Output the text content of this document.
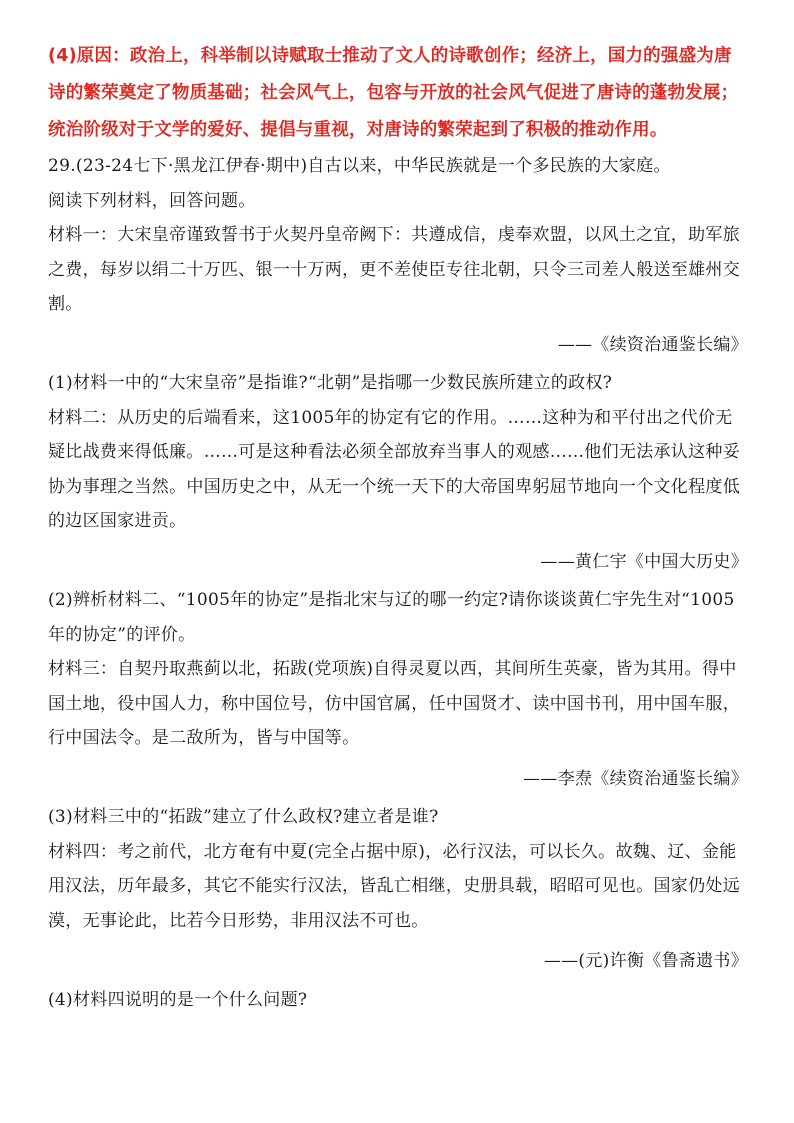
(4)原因：政治上，科举制以诗赋取士推动了文人的诗歌创作；经济上，国力的强盛为唐诗的繁荣奠定了物质基础；社会风气上，包容与开放的社会风气促进了唐诗的蓬勃发展；统治阶级对于文学的爱好、提倡与重视，对唐诗的繁荣起到了积极的推动作用。

29.(23-24七下·黑龙江伊春·期中)自古以来，中华民族就是一个多民族的大家庭。

阅读下列材料，回答问题。

材料一：大宋皇帝谨致誓书于火契丹皇帝阙下：共遵成信，虔奉欢盟，以风土之宜，助军旅之费，每岁以绢二十万匹、银一十万两，更不差使臣专往北朝，只令三司差人般送至雄州交割。

——《续资治通鉴长编》

(1)材料一中的“大宋皇帝”是指谁?“北朝”是指哪一少数民族所建立的政权?

材料二：从历史的后端看来，这1005年的协定有它的作用。……这种为和平付出之代价无疑比战费来得低廉。……可是这种看法必须全部放弃当事人的观感……他们无法承认这种妥协为事理之当然。中国历史之中，从无一个统一天下的大帝国卑躬屈节地向一个文化程度低的边区国家进贡。

——黄仁宇《中国大历史》

(2)辨析材料二、“1005年的协定”是指北宋与辽的哪一约定?请你谈谈黄仁宇先生对“1005年的协定”的评价。

材料三：自契丹取燕蓟以北，拓跋(党项族)自得灵夏以西，其间所生英豪，皆为其用。得中国土地，役中国人力，称中国位号，仿中国官属，任中国贤才、读中国书刊，用中国车服，行中国法令。是二敌所为，皆与中国等。

——李焘《续资治通鉴长编》

(3)材料三中的“拓跋”建立了什么政权?建立者是谁?

材料四：考之前代，北方奄有中夏(完全占据中原)，必行汉法，可以长久。故魏、辽、金能用汉法，历年最多，其它不能实行汉法，皆乱亡相继，史册具载，昭昭可见也。国家仍处远漠，无事论此，比若今日形势，非用汉法不可也。

——(元)许衡《鲁斋遗书》

(4)材料四说明的是一个什么问题?
